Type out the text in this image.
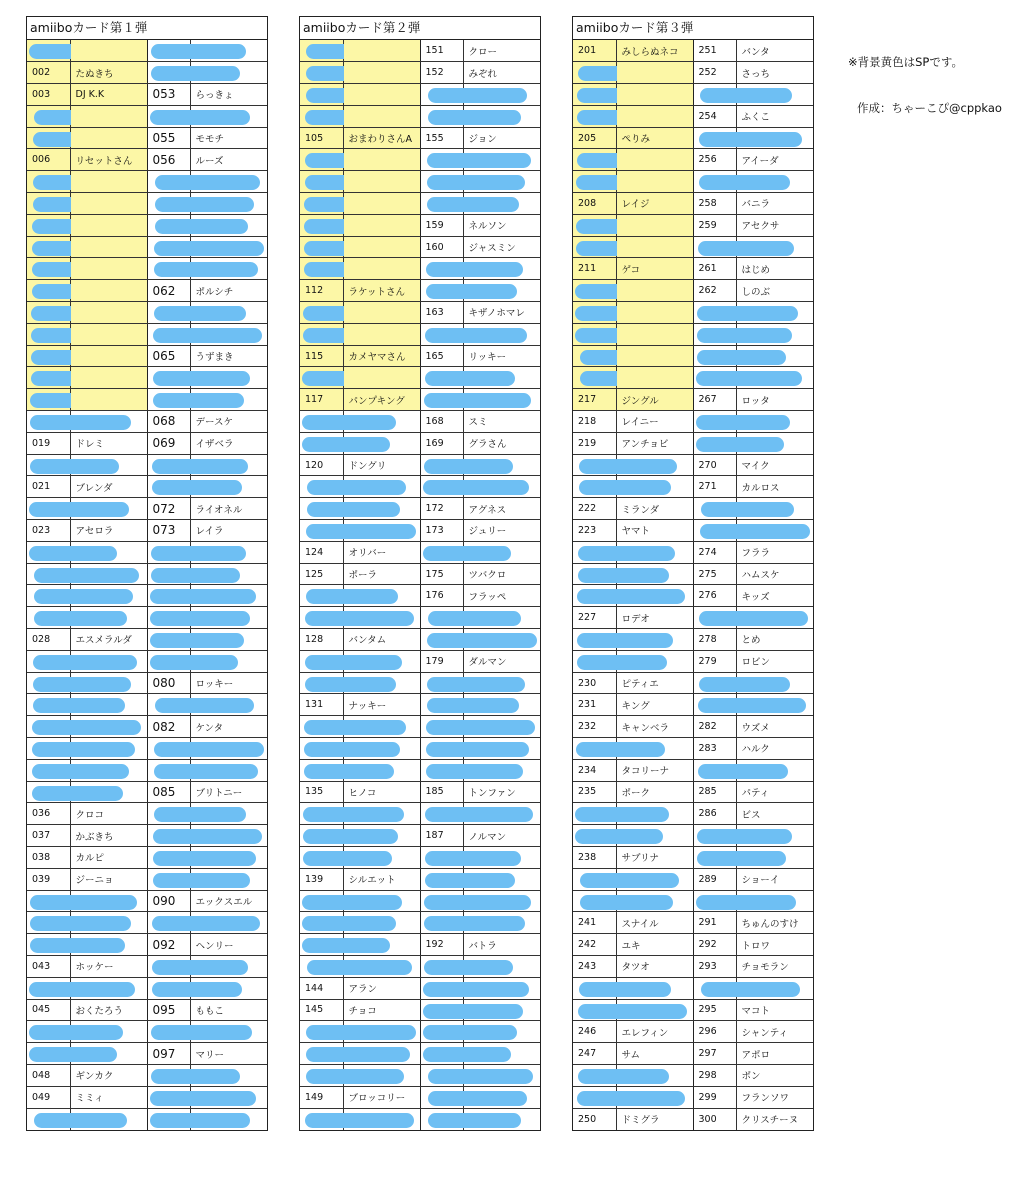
amiiboカード第１弾

002	たぬきち	

003	DJ K.K	053	らっきょ

		055	モモチ
006	リセットさん	056	ルーズ

		062	ポルシチ

		065	うずまき

		068	デースケ
019	ドレミ	069	イザベラ

021	ブレンダ	

		072	ライオネル
023	アセロラ	073	レイラ

028	エスメラルダ	

		080	ロッキー

		082	ケンタ

		085	ブリトニー
036	クロコ	

037	かぶきち	

038	カルピ	

039	ジーニョ	

		090	エックスエル

		092	ヘンリー
043	ホッケー	

045	おくたろう	095	ももこ

		097	マリー
048	ギンカク	

049	ミミィ	

amiiboカード第２弾
		151	クロー

		152	みぞれ

105	おまわりさんA	155	ジョン

		159	ネルソン

		160	ジャスミン

112	ラケットさん	

		163	キザノホマレ

115	カメヤマさん	165	リッキー

117	パンプキング	

		168	スミ

		169	グラさん
120	ドングリ	

		172	アグネス

		173	ジュリー
124	オリバー	

125	ポーラ	175	ツバクロ

		176	フラッペ

128	バンタム	

		179	ダルマン

131	ナッキー	

135	ヒノコ	185	トンファン

		187	ノルマン

139	シルエット	

		192	バトラ

144	アラン	

145	チョコ	

149	ブロッコリー	

amiiboカード第３弾
201	みしらぬネコ	251	バンタ

		252	さっち

		254	ふくこ
205	ぺりみ	

		256	アイーダ

208	レイジ	258	バニラ

		259	アセクサ

211	ゲコ	261	はじめ

		262	しのぶ

217	ジングル	267	ロッタ
218	レイニー	

219	アンチョビ	

		270	マイク

		271	カルロス
222	ミランダ	

223	ヤマト	

		274	フララ

		275	ハムスケ

		276	キッズ
227	ロデオ	

		278	とめ

		279	ロビン
230	ピティエ	

231	キング	

232	キャンベラ	282	ウズメ

		283	ハルク
234	タコリーナ	

235	ポーク	285	パティ

		286	ビス

238	サブリナ	

		289	ショーイ

241	スナイル	291	ちゅんのすけ
242	ユキ	292	トロワ
243	タツオ	293	チョモラン

		295	マコト
246	エレフィン	296	シャンティ
247	サム	297	アポロ

		298	ボン

		299	フランソワ
250	ドミグラ	300	クリスチーヌ
※背景黄色はSPです。
作成：ちゃーこぴ@cppkao
